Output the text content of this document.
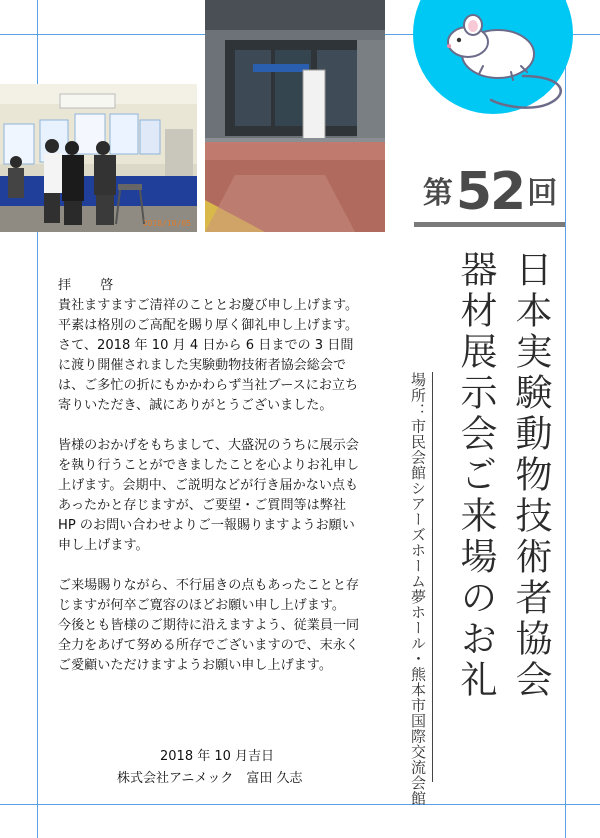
2018/10/05
第 52 回
日本実験動物技術者協会
器材展示会ご来場のお礼
場所：市民会館シアーズホーム夢ホール・熊本市国際交流会館

拝　啓

貴社ますますご清祥のこととお慶び申し上げます。

平素は格別のご高配を賜り厚く御礼申し上げます。

さて、2018 年 10 月 4 日から 6 日までの 3 日間

に渡り開催されました実験動物技術者協会総会で

は、ご多忙の折にもかかわらず当社ブースにお立ち

寄りいただき、誠にありがとうございました。

皆様のおかげをもちまして、大盛況のうちに展示会

を執り行うことができましたことを心よりお礼申し

上げます。会期中、ご説明などが行き届かない点も

あったかと存じますが、ご要望・ご質問等は弊社

HP のお問い合わせよりご一報賜りますようお願い

申し上げます。

ご来場賜りながら、不行届きの点もあったことと存

じますが何卒ご寛容のほどお願い申し上げます。

今後とも皆様のご期待に沿えますよう、従業員一同

全力をあげて努める所存でございますので、末永く

ご愛顧いただけますようお願い申し上げます。

2018 年 10 月吉日
株式会社アニメック　富田 久志
